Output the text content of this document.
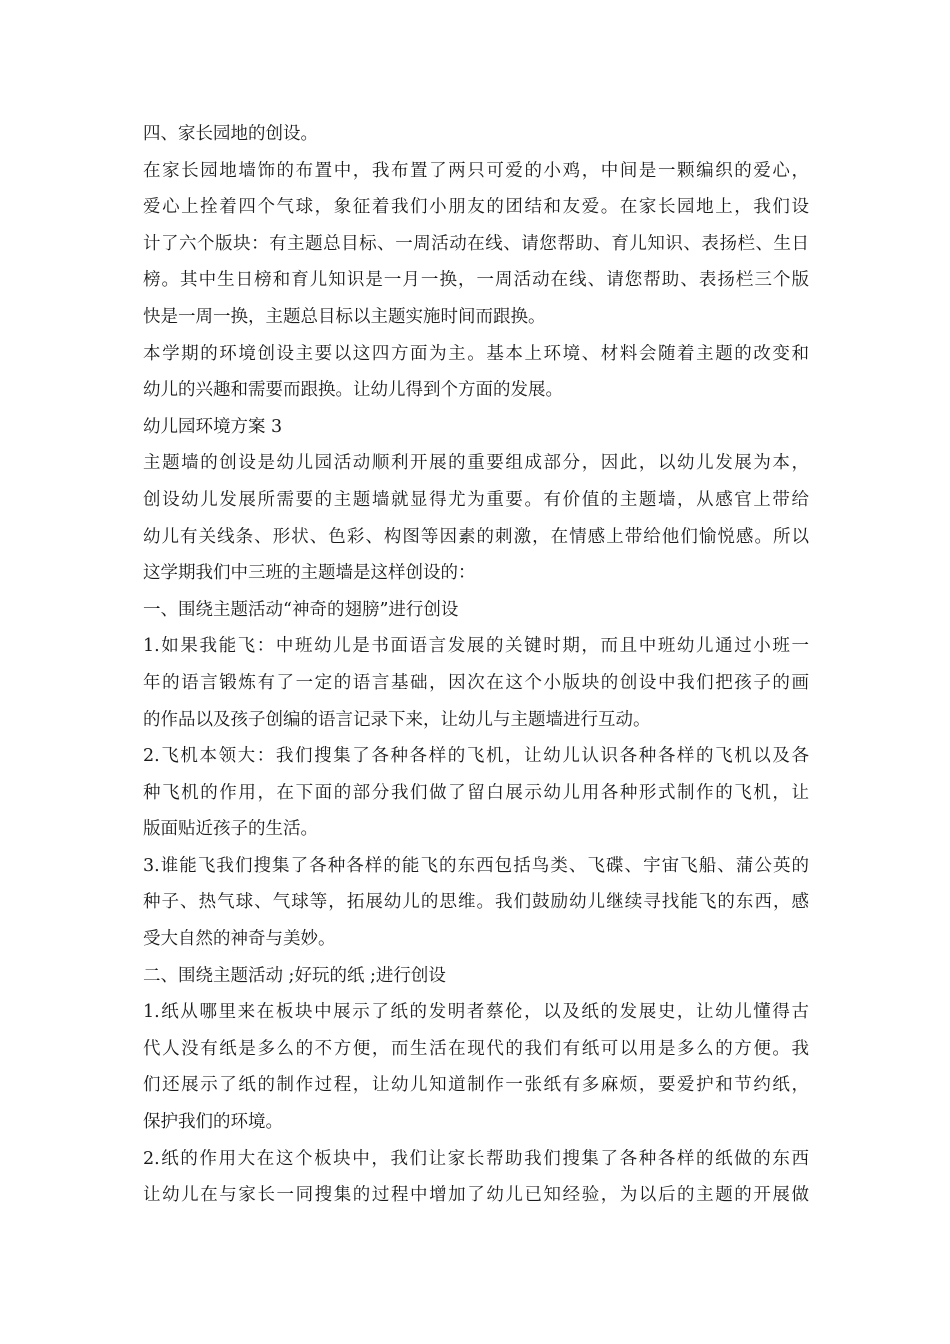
四、家长园地的创设。
在家长园地墙饰的布置中，我布置了两只可爱的小鸡，中间是一颗编织的爱心，
爱心上拴着四个气球，象征着我们小朋友的团结和友爱。在家长园地上，我们设
计了六个版块：有主题总目标、一周活动在线、请您帮助、育儿知识、表扬栏、生日
榜。其中生日榜和育儿知识是一月一换，一周活动在线、请您帮助、表扬栏三个版
快是一周一换，主题总目标以主题实施时间而跟换。
本学期的环境创设主要以这四方面为主。基本上环境、材料会随着主题的改变和
幼儿的兴趣和需要而跟换。让幼儿得到个方面的发展。
幼儿园环境方案 3
主题墙的创设是幼儿园活动顺利开展的重要组成部分，因此，以幼儿发展为本，
创设幼儿发展所需要的主题墙就显得尤为重要。有价值的主题墙，从感官上带给
幼儿有关线条、形状、色彩、构图等因素的刺激，在情感上带给他们愉悦感。所以
这学期我们中三班的主题墙是这样创设的：
一、围绕主题活动“神奇的翅膀”进行创设
1.如果我能飞：中班幼儿是书面语言发展的关键时期，而且中班幼儿通过小班一
年的语言锻炼有了一定的语言基础，因次在这个小版块的创设中我们把孩子的画
的作品以及孩子创编的语言记录下来，让幼儿与主题墙进行互动。
2.飞机本领大：我们搜集了各种各样的飞机，让幼儿认识各种各样的飞机以及各
种飞机的作用，在下面的部分我们做了留白展示幼儿用各种形式制作的飞机，让
版面贴近孩子的生活。
3.谁能飞我们搜集了各种各样的能飞的东西包括鸟类、飞碟、宇宙飞船、蒲公英的
种子、热气球、气球等，拓展幼儿的思维。我们鼓励幼儿继续寻找能飞的东西，感
受大自然的神奇与美妙。
二、围绕主题活动 ;好玩的纸 ;进行创设
1.纸从哪里来在板块中展示了纸的发明者蔡伦，以及纸的发展史，让幼儿懂得古
代人没有纸是多么的不方便，而生活在现代的我们有纸可以用是多么的方便。我
们还展示了纸的制作过程，让幼儿知道制作一张纸有多麻烦，要爱护和节约纸，
保护我们的环境。
2.纸的作用大在这个板块中，我们让家长帮助我们搜集了各种各样的纸做的东西
让幼儿在与家长一同搜集的过程中增加了幼儿已知经验，为以后的主题的开展做
